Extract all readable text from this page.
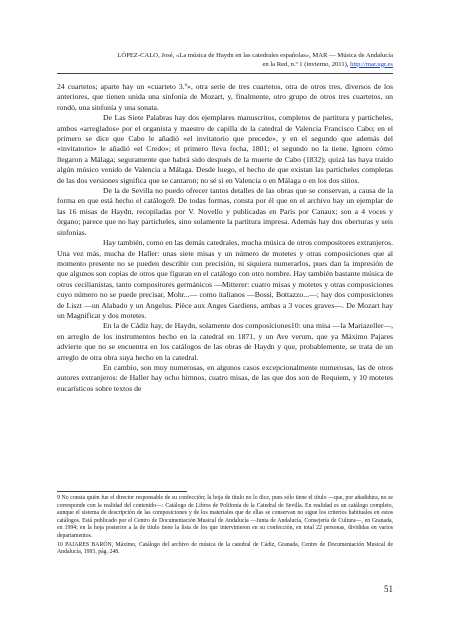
LÓPEZ-CALO, José, «La música de Haydn en las catedrales españolas», MAR — Música de Andalucía
en la Red, n.º 1 (invierno, 2011), http://mar.ugr.es

24 cuartetos; aparte hay un «cuarteto 3.º», otra serie de tres cuartetos, otra de otros tres, diversos de los anteriores, que tienen unida una sinfonía de Mozart, y, finalmente, otro grupo de otros tres cuartetos, un rondó, una sinfonía y una sonata.

De Las Siete Palabras hay dos ejemplares manuscritos, completos de partitura y particheles, ambos «arreglados» por el organista y maestro de capilla de la catedral de Valencia Francisco Cabo; en el primero se dice que Cabo le añadió «el invitatorio que precede», y en el segundo que además del «invitatorio» le añadió «el Credo»; el primero lleva fecha, 1801; el segundo no la tiene. Ignoro cómo llegaron a Málaga; seguramente que habrá sido después de la muerte de Cabo (1832); quizá las haya traído algún músico venido de Valencia a Málaga. Desde luego, el hecho de que existan las particheles completas de las dos versiones significa que se cantaron; no sé si en Valencia o en Málaga o en los dos sitios.

De la de Sevilla no puedo ofrecer tantos detalles de las obras que se conservan, a causa de la forma en que está hecho el catálogo9. De todas formas, consta por él que en el archivo hay un ejemplar de las 16 misas de Haydn, recopiladas por V. Novello y publicadas en París por Canaux; son a 4 voces y órgano; parece que no hay particheles, sino solamente la partitura impresa. Además hay dos oberturas y seis sinfonías.

Hay también, como en las demás catedrales, mucha música de otros compositores extranjeros. Una vez más, mucha de Haller: unas siete misas y un número de motetes y otras composiciones que al momento presente no se pueden describir con precisión, ni siquiera numerarlos, pues dan la impresión de que algunos son copias de otros que figuran en el catálogo con otro nombre. Hay también bastante música de otros cecilianistas, tanto compositores germánicos —Mitterer: cuatro misas y motetes y otras composiciones cuyo número no se puede precisar, Mohr...— como italianos —Bossi, Bottazzo...—; hay dos composiciones de Liszt —un Alabado y un Angelus. Pièce aux Anges Gardiens, ambas a 3 voces graves—. De Mozart hay un Magnificat y dos motetes.

En la de Cádiz hay, de Haydn, solamente dos composiciones10: una misa —la Mariazeller—, en arreglo de los instrumentos hecho en la catedral en 1871, y un Ave verum, que ya Máximo Pajares advierte que no se encuentra en los catálogos de las obras de Haydn y que, probablemente, se trata de un arreglo de otra obra suya hecho en la catedral.

En cambio, son muy numerosas, en algunos casos excepcionalmente numerosas, las de otros autores extranjeros: de Haller hay ocho himnos, cuatro misas, de las que dos son de Requiem, y 10 motetes eucarísticos sobre textos de

9 No consta quién fue el director responsable de su confección; la hoja de título no lo dice, pues sólo tiene el título —que, por añadidura, no se corresponde con la realidad del contenido—: Catálogo de Libros de Polifonía de la Catedral de Sevilla. En realidad es un catálogo completo, aunque el sistema de descripción de las composiciones y de los materiales que de ellas se conservan no sigue los criterios habituales en estos catálogos. Está publicado por el Centro de Documentación Musical de Andalucía —Junta de Andalucía, Consejería de Cultura—, en Granada, en 1994; en la hoja posterior a la de título tiene la lista de los que intervinieron en su confección, en total 22 personas, divididas en varios departamentos.

10 PAJARES BARÓN, Máximo, Catálogo del archivo de música de la catedral de Cádiz, Granada, Centro de Documentación Musical de Andalucía, 1993, pág. 248.

51
